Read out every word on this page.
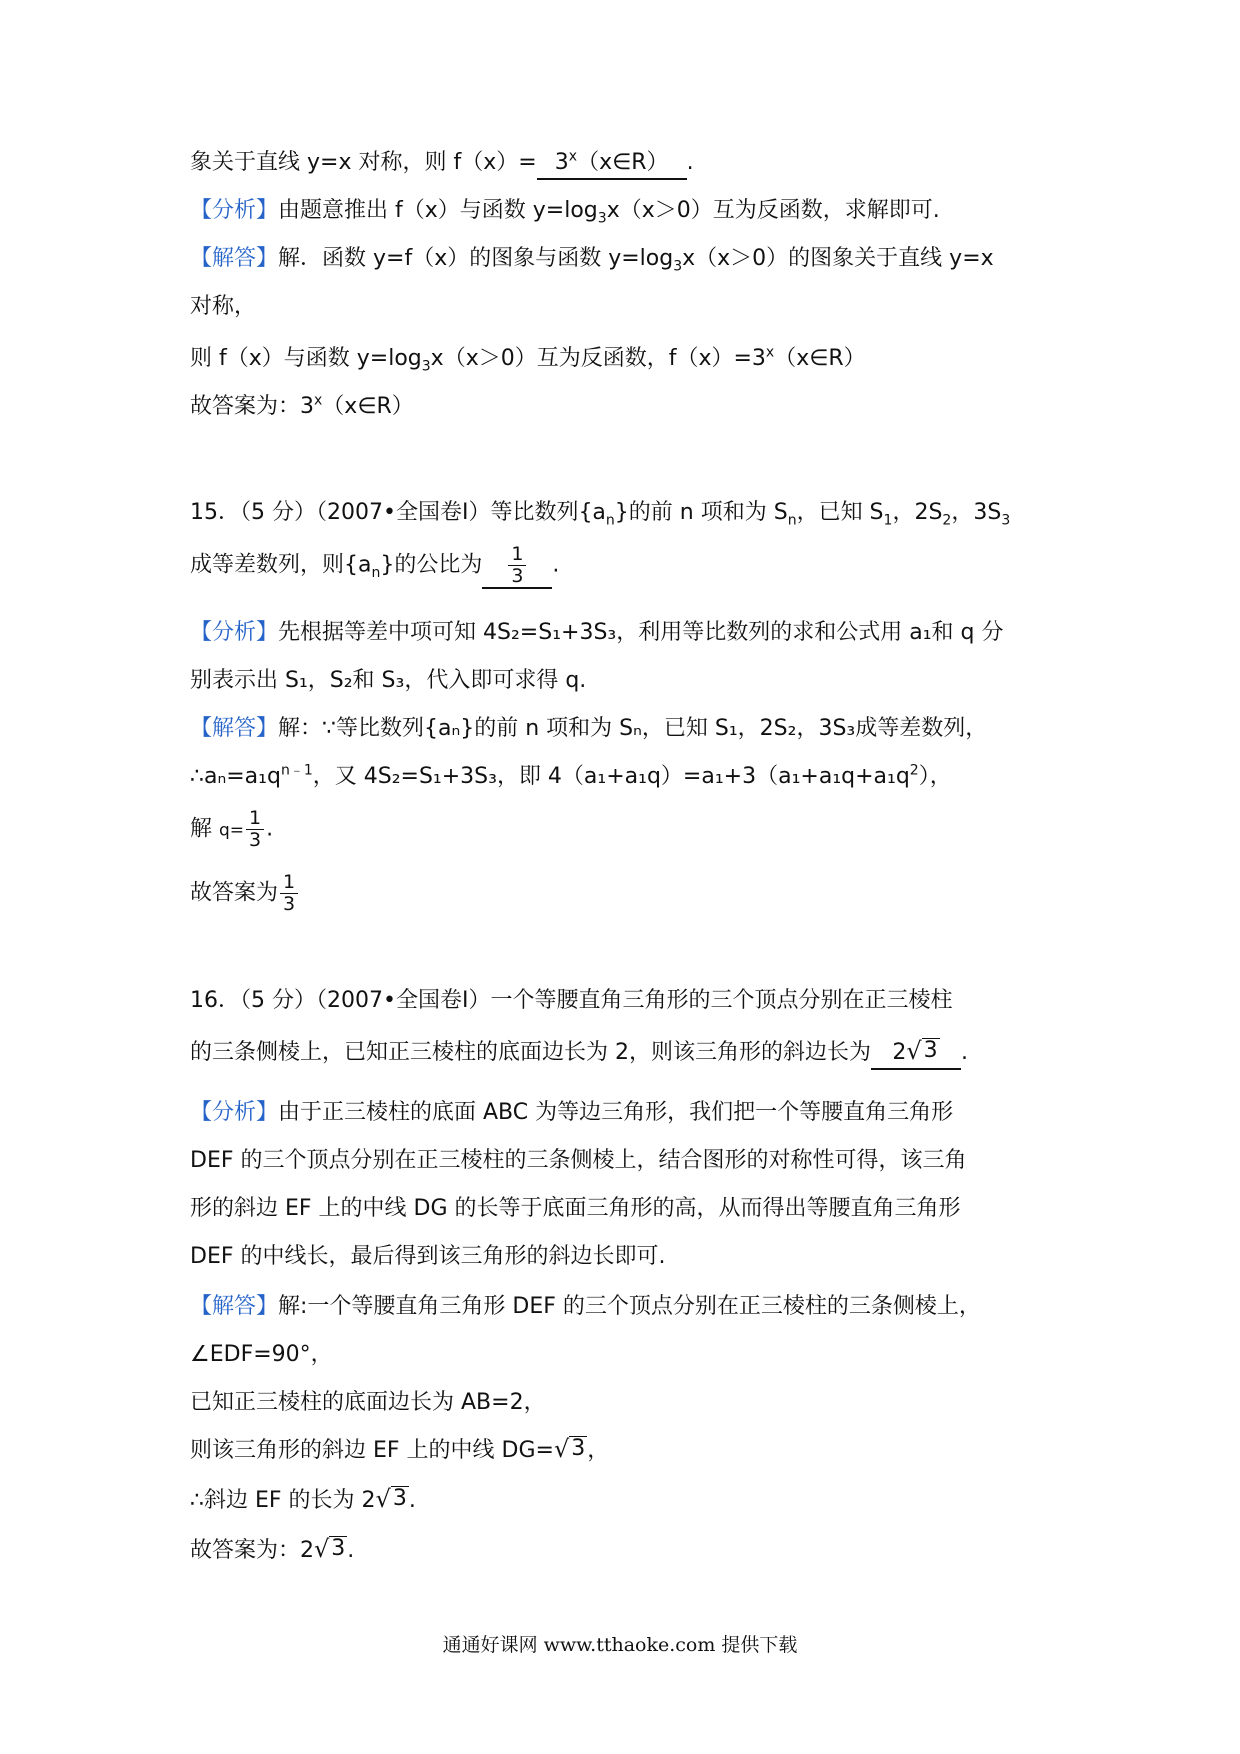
象关于直线 y=x 对称，则 $f(x)= 3^x(x\in R)$ .
【分析】由题意推出 f（x）与函数 $y=\log_3x(x>0)$互为反函数，求解即可.
【解答】解．函数 y=f（x）的图象与函数 $y=\log_3x(x>0)$的图象关于直线 y=x
对称，
则 f（x）与函数 $y=\log_3x(x>0)$互为反函数，$f(x)=3^x(x\in R)$
故答案为：3$^x$（x∈R）
15．（5 分）（2007•全国卷Ⅰ）等比数列$\{a_n\}$的前 n 项和为 $S_n$，已知 $S_1$，$2S_2$，$3S_3$
成等差数列，则$\{a_n\}$的公比为 $\frac{1}{3}$ .
【分析】先根据等差中项可知 4S₂=S₁+3S₃，利用等比数列的求和公式用 a₁和 q 分
别表示出 S₁，S₂和 S₃，代入即可求得 q.
【解答】解：∵等比数列{aₙ}的前 n 项和为 Sₙ，已知 S₁，2S₂，3S₃成等差数列，
$\therefore a_n=a_1q^{n﹣1}$，又 4S₂=S₁+3S₃，即 $4(a_1+a_1q)=a_1+3(a_1+a_1q+a_1q^2)$，
解 $q= \frac{1}{3}$ .
故答案为 $\frac{1}{3}$
16．（5 分）（2007•全国卷Ⅰ）一个等腰直角三角形的三个顶点分别在正三棱柱
的三条侧棱上，已知正三棱柱的底面边长为 2，则该三角形的斜边长为 2 √ 3 .
【分析】由于正三棱柱的底面 ABC 为等边三角形，我们把一个等腰直角三角形
DEF 的三个顶点分别在正三棱柱的三条侧棱上，结合图形的对称性可得，该三角
形的斜边 EF 上的中线 DG 的长等于底面三角形的高，从而得出等腰直角三角形
DEF 的中线长，最后得到该三角形的斜边长即可.
【解答】解:一个等腰直角三角形 DEF 的三个顶点分别在正三棱柱的三条侧棱上，
∠EDF=90°，
已知正三棱柱的底面边长为 AB=2，
则该三角形的斜边 EF 上的中线 DG= √ 3 ，
∴斜边 EF 的长为 2 √ 3 .
故答案为：2 √ 3 .
通通好课网 www.tthaoke.com 提供下载
